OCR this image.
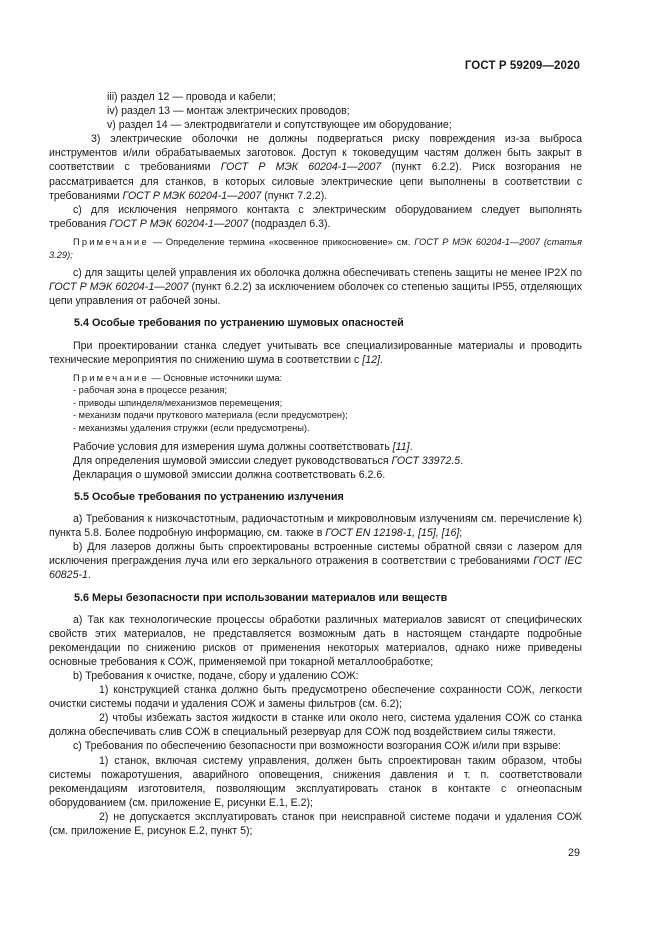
ГОСТ Р 59209—2020

iii) раздел 12 — провода и кабели;

iv) раздел 13 — монтаж электрических проводов;

v) раздел 14 — электродвигатели и сопутствующее им оборудование;

3) электрические оболочки не должны подвергаться риску повреждения из-за выброса инструментов и/или обрабатываемых заготовок. Доступ к токоведущим частям должен быть закрыт в соответствии с требованиями ГОСТ Р МЭК 60204-1—2007 (пункт 6.2.2). Риск возгорания не рассматривается для станков, в которых силовые электрические цепи выполнены в соответствии с требованиями ГОСТ Р МЭК 60204-1—2007 (пункт 7.2.2).

c) для исключения непрямого контакта с электрическим оборудованием следует выполнять требования ГОСТ Р МЭК 60204-1—2007 (подраздел 6.3).

Примечание — Определение термина «косвенное прикосновение» см. ГОСТ Р МЭК 60204-1—2007 (статья 3.29);

c) для защиты целей управления их оболочка должна обеспечивать степень защиты не менее IP2X по ГОСТ Р МЭК 60204-1—2007 (пункт 6.2.2) за исключением оболочек со степенью защиты IP55, отделяющих цепи управления от рабочей зоны.

5.4 Особые требования по устранению шумовых опасностей

При проектировании станка следует учитывать все специализированные материалы и проводить технические мероприятия по снижению шума в соответствии с [12].

Примечание — Основные источники шума:

- рабочая зона в процессе резания;
- приводы шпинделя/механизмов перемещения;
- механизм подачи пруткового материала (если предусмотрен);
- механизмы удаления стружки (если предусмотрены).

Рабочие условия для измерения шума должны соответствовать [11].

Для определения шумовой эмиссии следует руководствоваться ГОСТ 33972.5.

Декларация о шумовой эмиссии должна соответствовать 6.2.6.

5.5 Особые требования по устранению излучения

a) Требования к низкочастотным, радиочастотным и микроволновым излучениям см. перечисление k) пункта 5.8. Более подробную информацию, см. также в ГОСТ EN 12198-1, [15], [16];

b) Для лазеров должны быть спроектированы встроенные системы обратной связи с лазером для исключения преграждения луча или его зеркального отражения в соответствии с требованиями ГОСТ IEC 60825-1.

5.6 Меры безопасности при использовании материалов или веществ

a) Так как технологические процессы обработки различных материалов зависят от специфических свойств этих материалов, не представляется возможным дать в настоящем стандарте подробные рекомендации по снижению рисков от применения некоторых материалов, однако ниже приведены основные требования к СОЖ, применяемой при токарной металлообработке;

b) Требования к очистке, подаче, сбору и удалению СОЖ:

1) конструкцией станка должно быть предусмотрено обеспечение сохранности СОЖ, легкости очистки системы подачи и удаления СОЖ и замены фильтров (см. 6.2);

2) чтобы избежать застоя жидкости в станке или около него, система удаления СОЖ со станка должна обеспечивать слив СОЖ в специальный резервуар для СОЖ под воздействием силы тяжести.

c) Требования по обеспечению безопасности при возможности возгорания СОЖ и/или при взрыве:

1) станок, включая систему управления, должен быть спроектирован таким образом, чтобы системы пожаротушения, аварийного оповещения, снижения давления и т. п. соответствовали рекомендациям изготовителя, позволяющим эксплуатировать станок в контакте с огнеопасным оборудованием (см. приложение Е, рисунки Е.1, Е.2);

2) не допускается эксплуатировать станок при неисправной системе подачи и удаления СОЖ (см. приложение Е, рисунок Е.2, пункт 5);

29
